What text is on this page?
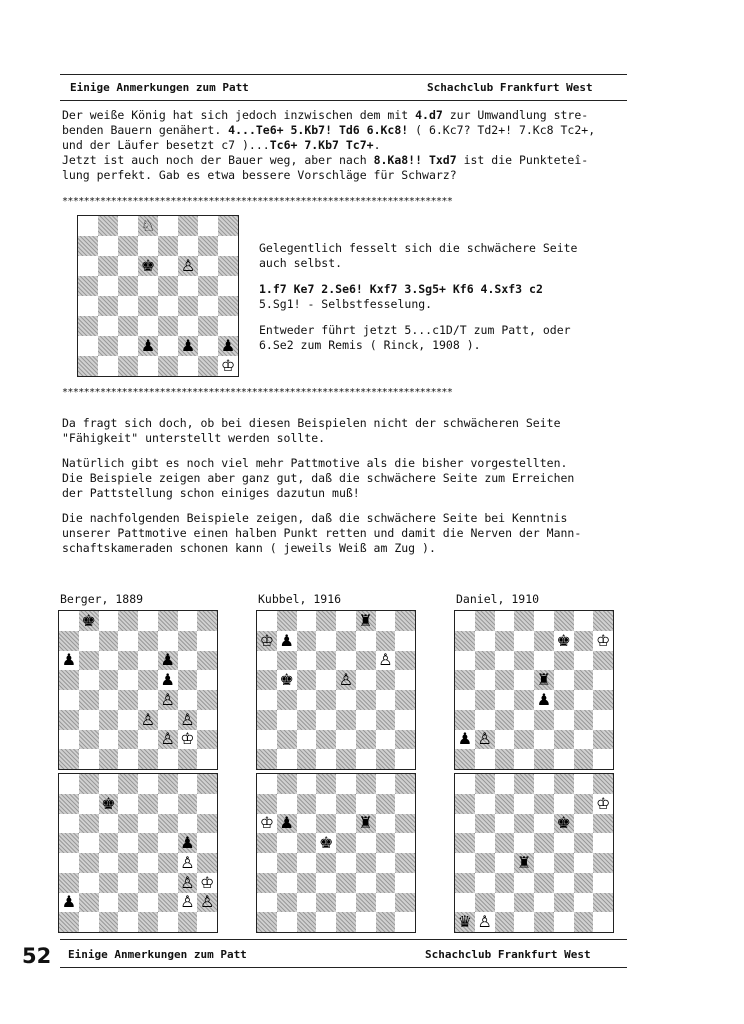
Einige Anmerkungen zum Patt	Schachclub Frankfurt West

Der weiße König hat sich jedoch inzwischen dem mit 4.d7 zur Umwandlung stre-

benden Bauern genähert. 4...Te6+ 5.Kb7! Td6 6.Kc8! ( 6.Kc7? Td2+! 7.Kc8 Tc2+,

und der Läufer besetzt c7 )...Tc6+ 7.Kb7 Tc7+.

Jetzt ist auch noch der Bauer weg, aber nach 8.Ka8!! Txd7 ist die Punkteteî-

lung perfekt. Gab es etwa bessere Vorschläge für Schwarz?

************************************************************************
♘
♚ ♙
♟ ♟ ♟
♔

Gelegentlich fesselt sich die schwächere Seite

auch selbst.

1.f7 Ke7 2.Se6! Kxf7 3.Sg5+ Kf6 4.Sxf3 c2

5.Sg1! - Selbstfesselung.

Entweder führt jetzt 5...c1D/T zum Patt, oder

6.Se2 zum Remis ( Rinck, 1908 ).

************************************************************************

Da fragt sich doch, ob bei diesen Beispielen nicht der schwächeren Seite

"Fähigkeit" unterstellt werden sollte.

Natürlich gibt es noch viel mehr Pattmotive als die bisher vorgestellten.

Die Beispiele zeigen aber ganz gut, daß die schwächere Seite zum Erreichen

der Pattstellung schon einiges dazutun muß!

Die nachfolgenden Beispiele zeigen, daß die schwächere Seite bei Kenntnis

unserer Pattmotive einen halben Punkt retten und damit die Nerven der Mann-

schaftskameraden schonen kann ( jeweils Weiß am Zug ).

Berger, 1889	Kubbel, 1916	Daniel, 1910
♚
♟	♟
♟
♙
♙ ♙
♙ ♔
♜
♔ ♟
♙
♚	♙
♚ ♔
♜
♟
♟ ♙
♚
♟
♙
♙ ♔
♟	♙ ♙
♔ ♟	♜
♚
♔
♚
♜
♛ ♙
52 Einige Anmerkungen zum Patt	Schachclub Frankfurt West
